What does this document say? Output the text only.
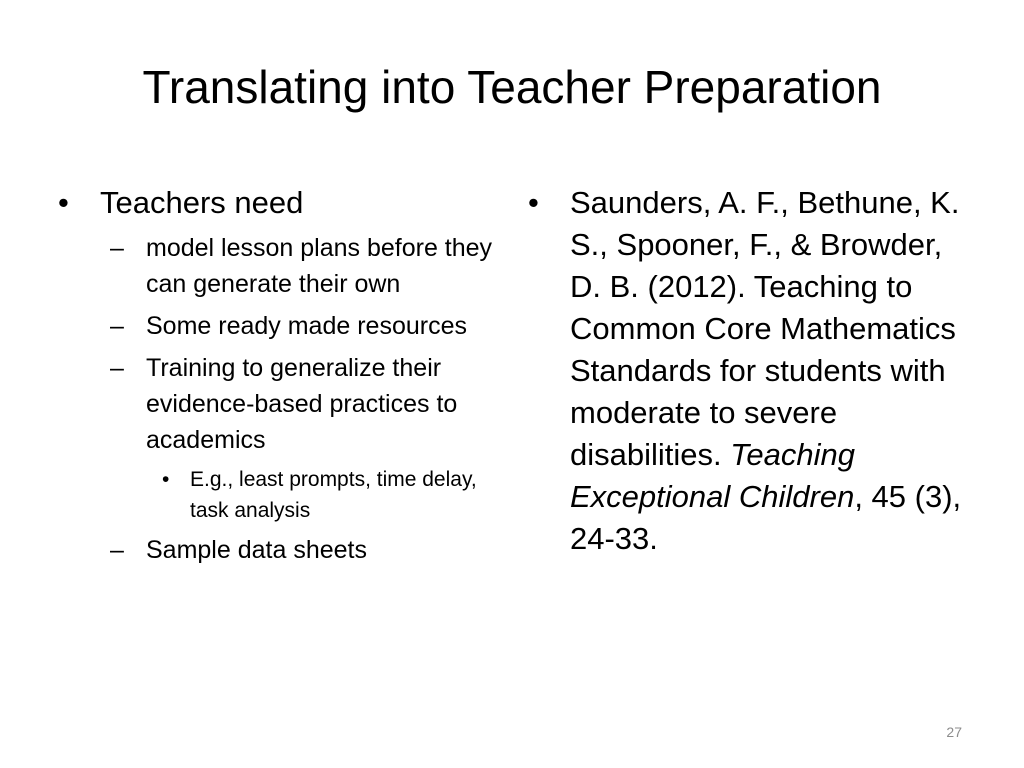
Translating into Teacher Preparation
• Teachers need
– model lesson plans before they can generate their own
– Some ready made resources
– Training to generalize their evidence-based practices to academics
• E.g., least prompts, time delay, task analysis
– Sample data sheets
• Saunders, A. F., Bethune, K. S., Spooner, F., & Browder, D. B. (2012). Teaching to Common Core Mathematics Standards for students with moderate to severe disabilities. Teaching Exceptional Children, 45 (3), 24-33.
27
